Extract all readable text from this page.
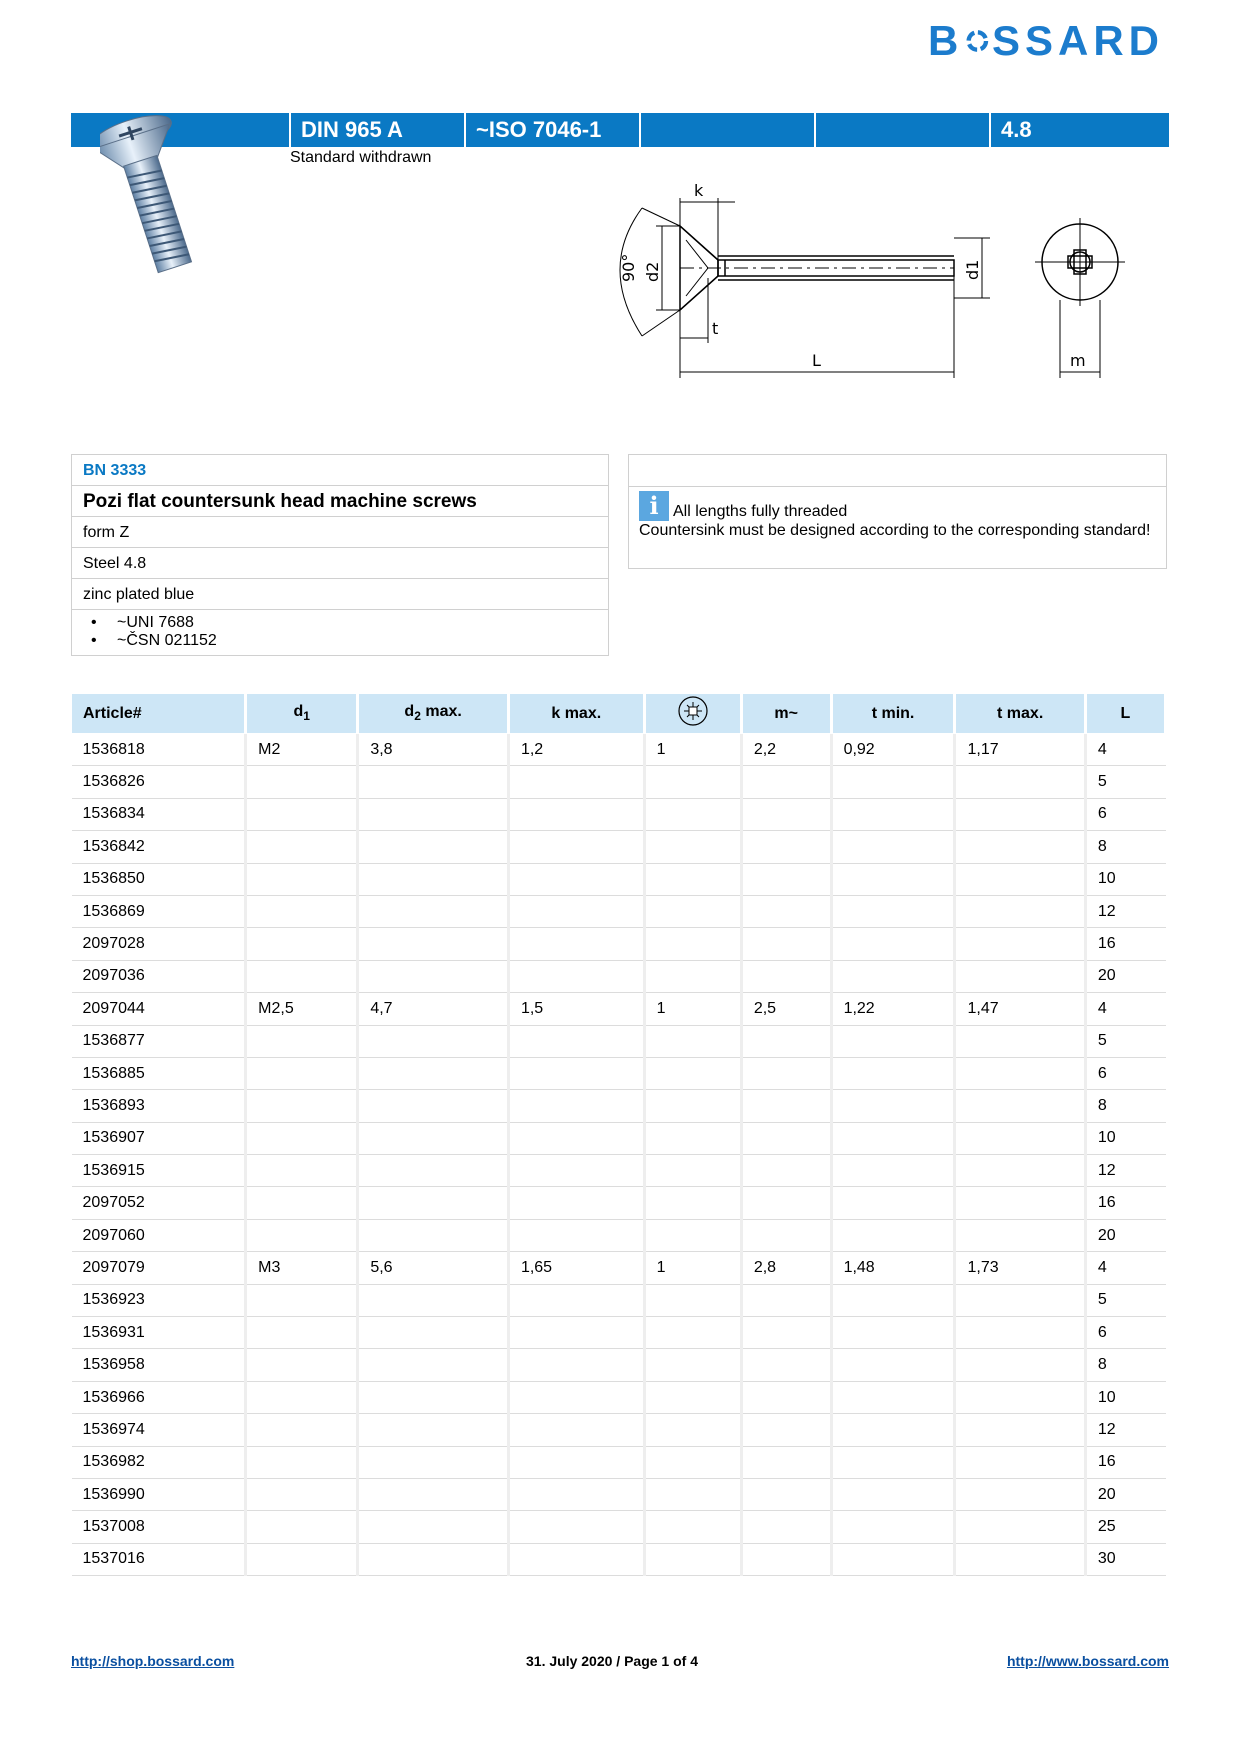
B SSARD
DIN 965 A	~ISO 7046-1	4.8
Standard withdrawn
k
90° d2
t
d1
L	m
BN 3333
Pozi flat countersunk head machine screws
form Z
Steel 4.8
zinc plated blue
• ~UNI 7688
• ~ČSN 021152
i All lengths fully threaded
Countersink must be designed according to the corresponding standard!
Article#	$d_1$	$d_2$ max.	k max.		m~	t min.	t max.	L
1536818	M2	3,8	1,2	1	2,2	0,92	1,17	4
1536826								5
1536834								6
1536842								8
1536850								10
1536869								12
2097028								16
2097036								20
2097044	M2,5	4,7	1,5	1	2,5	1,22	1,47	4
1536877								5
1536885								6
1536893								8
1536907								10
1536915								12
2097052								16
2097060								20
2097079	M3	5,6	1,65	1	2,8	1,48	1,73	4
1536923								5
1536931								6
1536958								8
1536966								10
1536974								12
1536982								16
1536990								20
1537008								25
1537016								30
http://shop.bossard.com	31. July 2020 / Page 1 of 4	http://www.bossard.com
